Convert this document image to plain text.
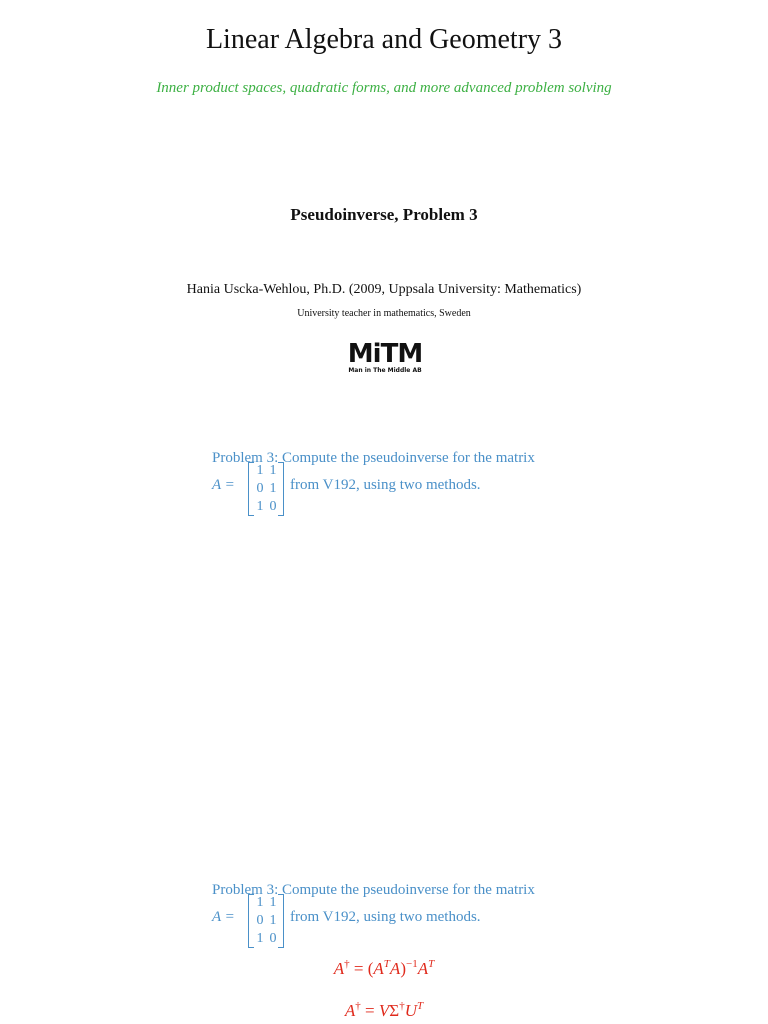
Linear Algebra and Geometry 3
Inner product spaces, quadratic forms, and more advanced problem solving
Pseudoinverse, Problem 3
Hania Uscka-Wehlou, Ph.D. (2009, Uppsala University: Mathematics)
University teacher in mathematics, Sweden
MiTM
Man in The Middle AB
Problem 3: Compute the pseudoinverse for the matrix
A =
1 1
0 1
1 0
from V192, using two methods.
Problem 3: Compute the pseudoinverse for the matrix
A =
1 1
0 1
1 0
from V192, using two methods.
$A^\dagger = (A^TA)^{-1}A^T$
$A^\dagger = V\Sigma^\dagger U^T$
